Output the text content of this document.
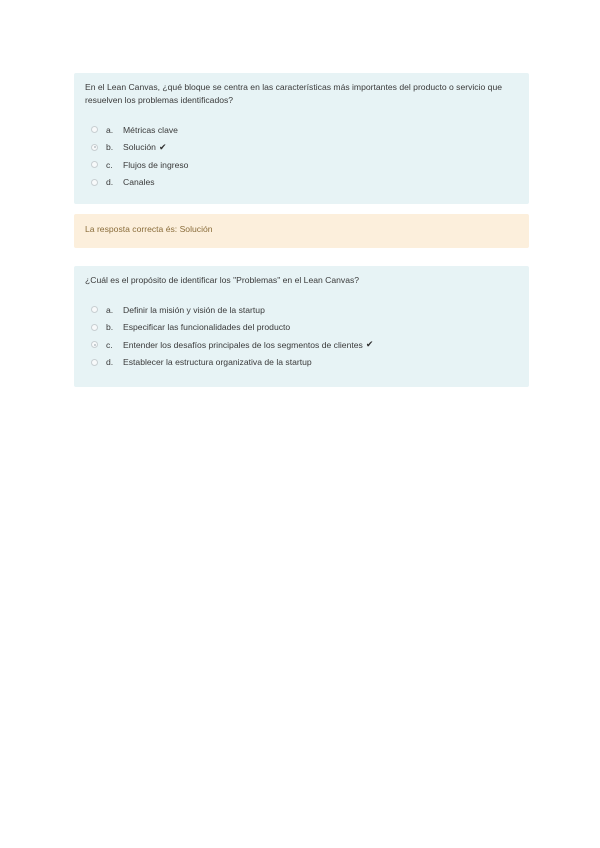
En el Lean Canvas, ¿qué bloque se centra en las características más importantes del producto o servicio que resuelven los problemas identificados?

a.	Métricas clave
b.	Solución ✔
c.	Flujos de ingreso
d.	Canales
La resposta correcta és: Solución

¿Cuál es el propósito de identificar los "Problemas" en el Lean Canvas?

a.	Definir la misión y visión de la startup
b.	Especificar las funcionalidades del producto
c.	Entender los desafíos principales de los segmentos de clientes ✔
d.	Establecer la estructura organizativa de la startup
